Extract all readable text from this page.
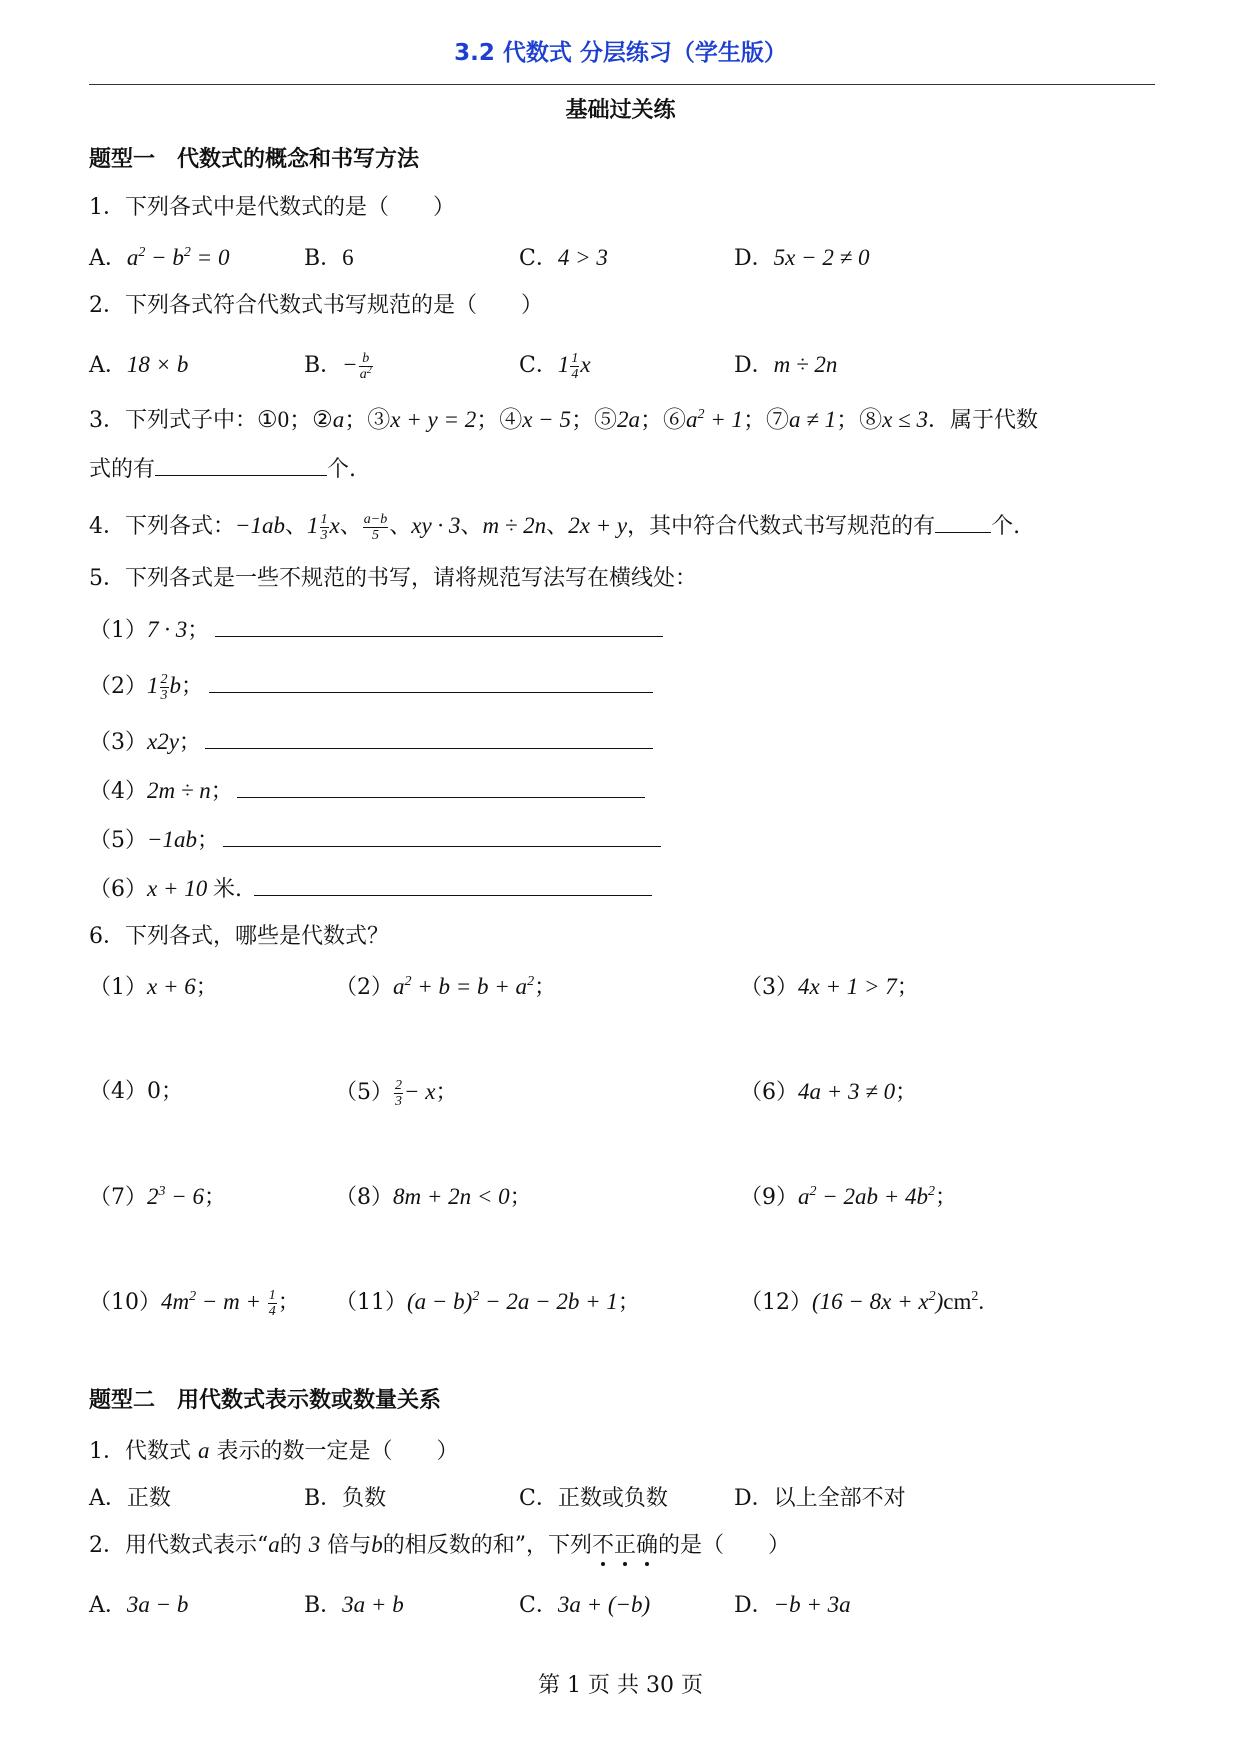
3.2 代数式 分层练习（学生版）
基础过关练
题型一　代数式的概念和书写方法
1．下列各式中是代数式的是（　　）
A．$a^2 - b^2 = 0$	B．6	C．4 > 3	D．5x − 2 ≠ 0
2．下列各式符合代数式书写规范的是（　　）
A．18 × b	B．− $\frac{b}{a^2}$	C．$1 \frac{1}{4}$ x	D．m ÷ 2n
3．下列式子中：①0；②a；③x + y = 2；④x − 5；⑤2a；$⑥a^2 + 1$；⑦a ≠ 1；⑧x ≤ 3．属于代数
式的有	个.
4．下列各式：−1ab、$1 \frac{1}{3}$ x、 $\frac{a-b}{5}$ 、xy · 3、m ÷ 2n、2x + y，其中符合代数式书写规范的有	个.
5．下列各式是一些不规范的书写，请将规范写法写在横线处：
（1）7 · 3；
$(2)1 \frac{2}{3}$ b；
（3）x2y；
（4）2m ÷ n；
（5）−1ab；
（6）x + 10 米.
6．下列各式，哪些是代数式？
（1）x + 6；	$(2)a^2 + b = b + a^2$；	（3）4x + 1 > 7；
（4）0；	$(5) \frac{2}{3} - x$；	（6）4a + 3 ≠ 0；
$(7)2^3 - 6$；	（8）8m + 2n < 0；	$(9)a^2 - 2ab + 4b^2$；
$(10)4m^2 - m + \frac{1}{4}$ ； $(11)(a - b)^2 - 2a - 2b + 1$；	$(12)(16 - 8x + x^2)cm^2$.
题型二　用代数式表示数或数量关系
1．代数式 a 表示的数一定是（　　）
A．正数	B．负数	C．正数或负数	D．以上全部不对
2．用代数式表示“a的 3 倍与b的相反数的和”，下列不正确的是（　　）
A．3a − b	B．3a + b	C．3a + (−b)	D．−b + 3a
第 1 页 共 30 页
